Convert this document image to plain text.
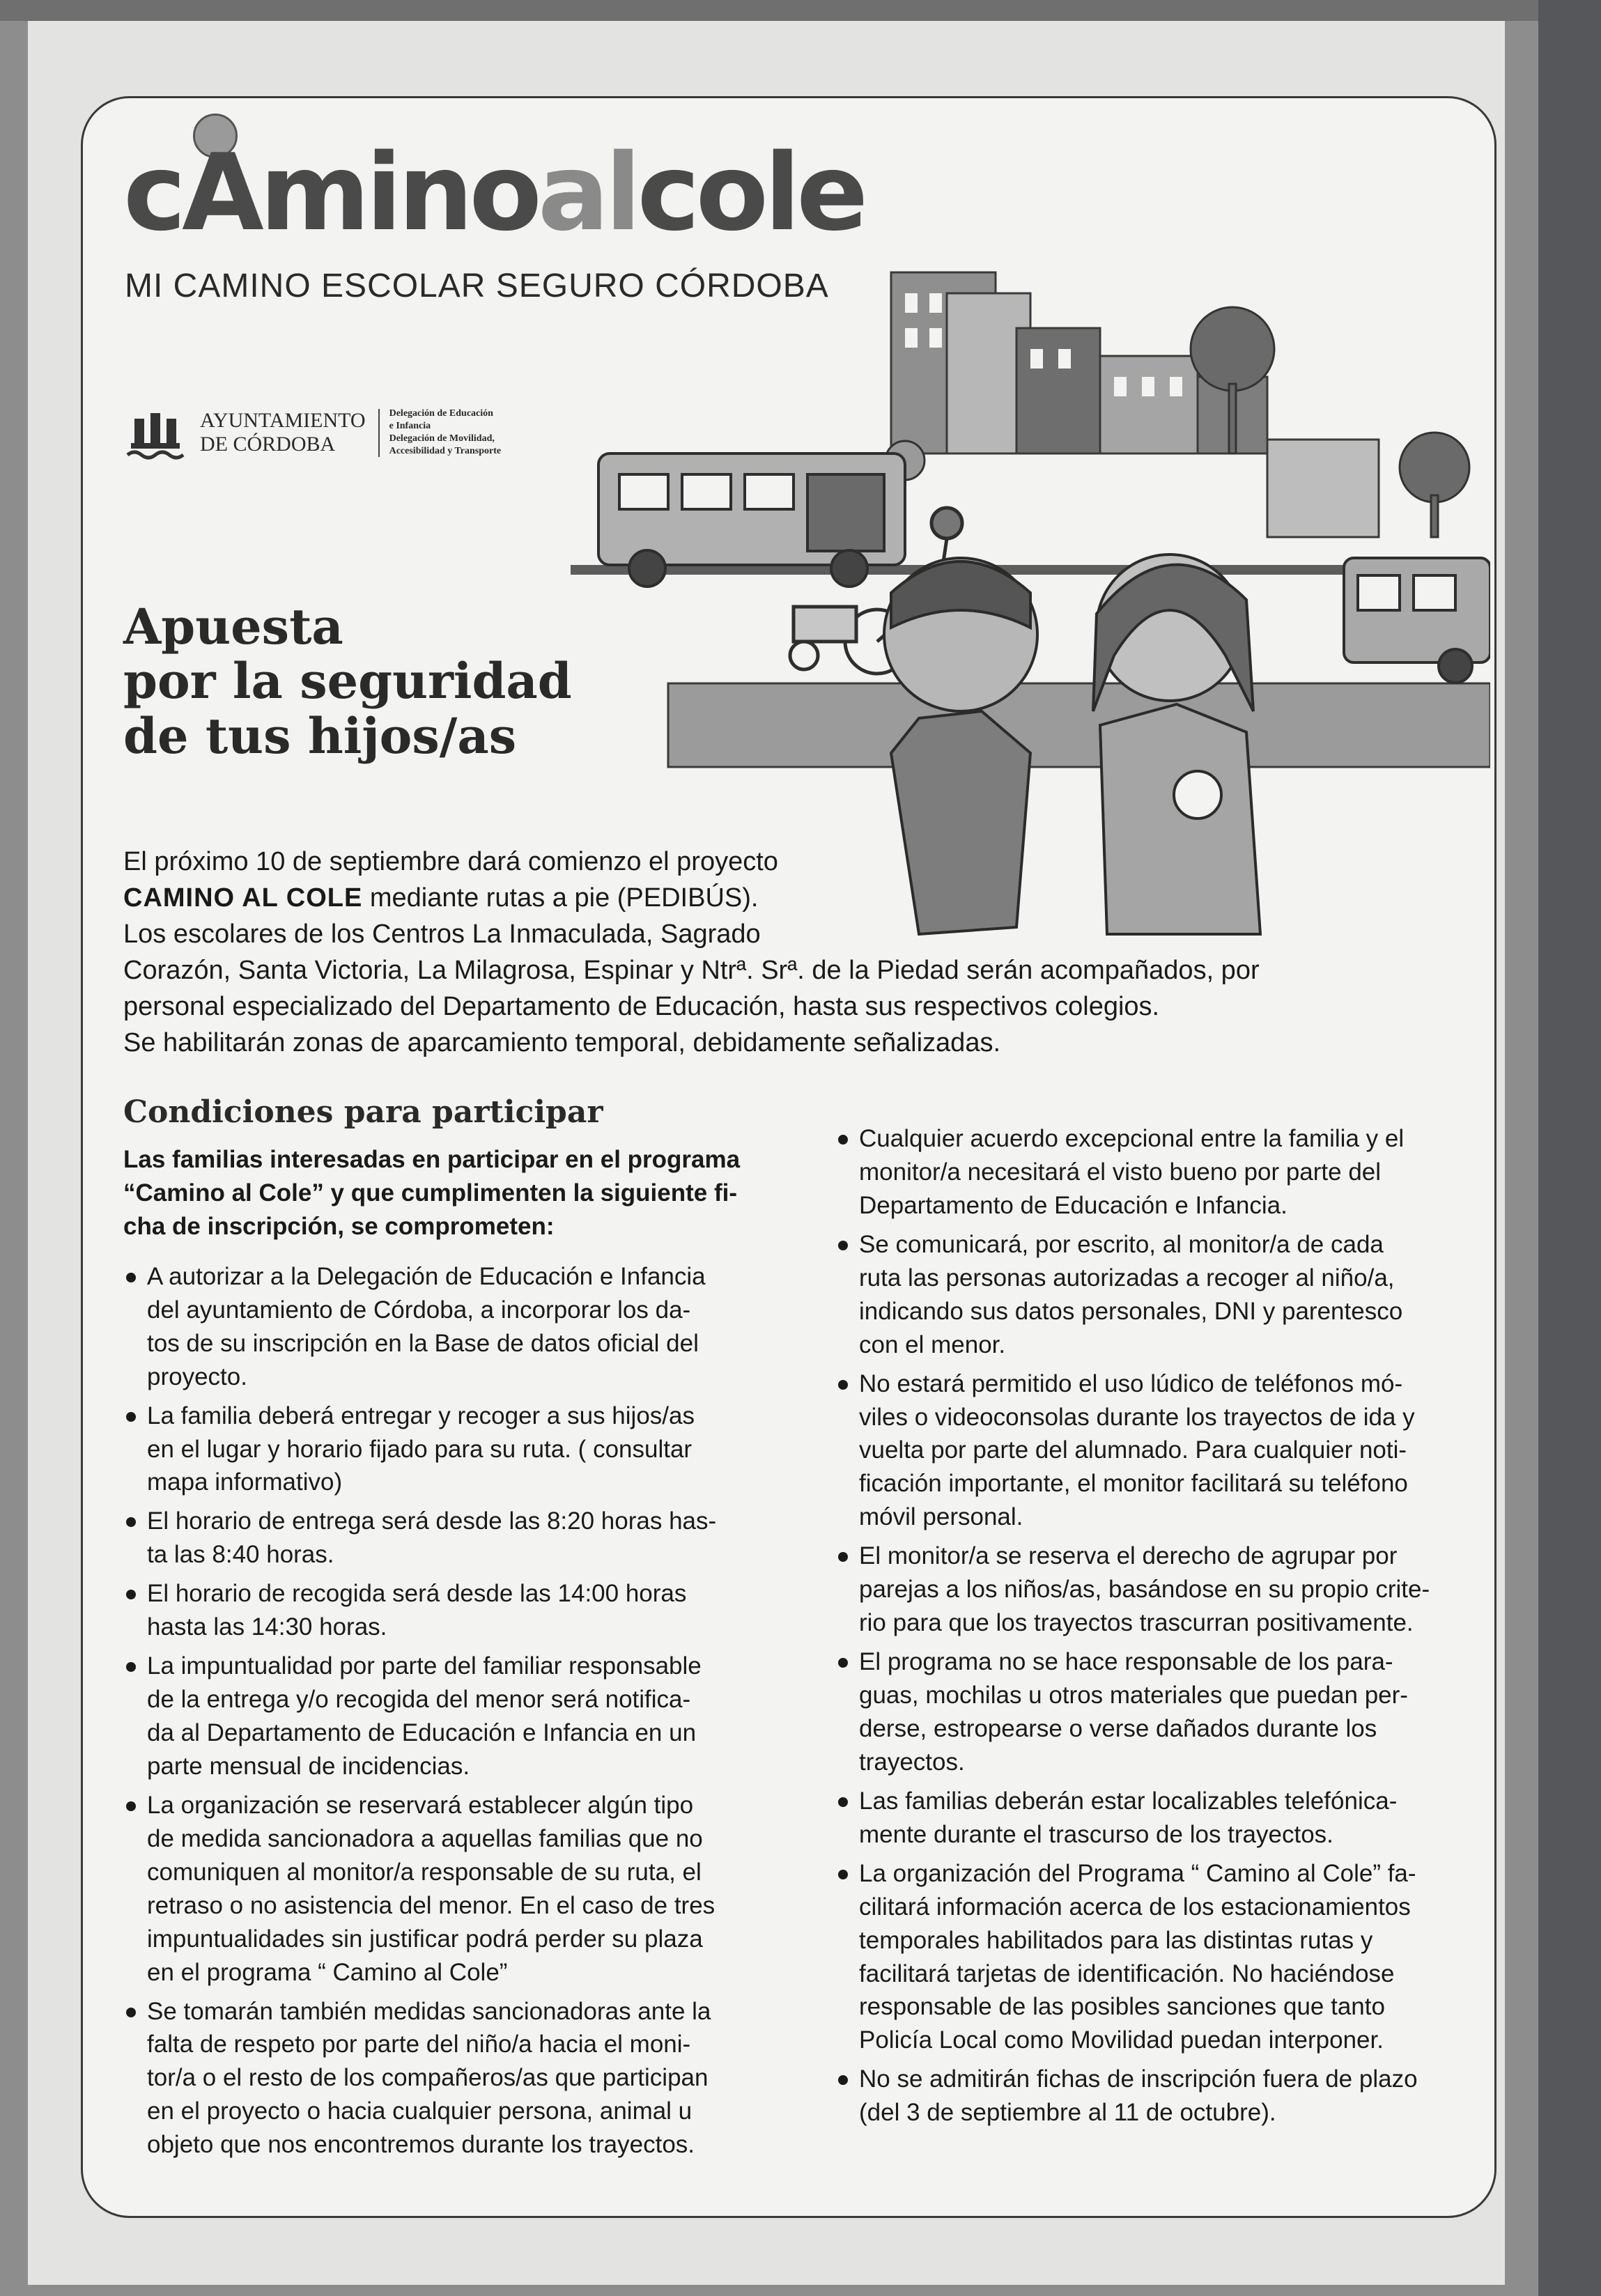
cAminoalcole
MI CAMINO ESCOLAR SEGURO CÓRDOBA
AYUNTAMIENTO
DE CÓRDOBA
Delegación de Educación
e Infancia
Delegación de Movilidad,
Accesibilidad y Transporte
Apuesta
por la seguridad
de tus hijos/as
El próximo 10 de septiembre dará comienzo el proyecto
CAMINO AL COLE mediante rutas a pie (PEDIBÚS).
Los escolares de los Centros La Inmaculada, Sagrado
Corazón, Santa Victoria, La Milagrosa, Espinar y Ntrª. Srª. de la Piedad serán acompañados, por
personal especializado del Departamento de Educación, hasta sus respectivos colegios.
Se habilitarán zonas de aparcamiento temporal, debidamente señalizadas.
Condiciones para participar
Las familias interesadas en participar en el programa
“Camino al Cole” y que cumplimenten la siguiente fi-
cha de inscripción, se comprometen:
A autorizar a la Delegación de Educación e Infancia
del ayuntamiento de Córdoba, a incorporar los da-
tos de su inscripción en la Base de datos oficial del
proyecto.
La familia deberá entregar y recoger a sus hijos/as
en el lugar y horario fijado para su ruta. ( consultar
mapa informativo)
El horario de entrega será desde las 8:20 horas has-
ta las 8:40 horas.
El horario de recogida será desde las 14:00 horas
hasta las 14:30 horas.
La impuntualidad por parte del familiar responsable
de la entrega y/o recogida del menor será notifica-
da al Departamento de Educación e Infancia en un
parte mensual de incidencias.
La organización se reservará establecer algún tipo
de medida sancionadora a aquellas familias que no
comuniquen al monitor/a responsable de su ruta, el
retraso o no asistencia del menor. En el caso de tres
impuntualidades sin justificar podrá perder su plaza
en el programa “ Camino al Cole”
Se tomarán también medidas sancionadoras ante la
falta de respeto por parte del niño/a hacia el moni-
tor/a o el resto de los compañeros/as que participan
en el proyecto o hacia cualquier persona, animal u
objeto que nos encontremos durante los trayectos.
Cualquier acuerdo excepcional entre la familia y el
monitor/a necesitará el visto bueno por parte del
Departamento de Educación e Infancia.
Se comunicará, por escrito, al monitor/a de cada
ruta las personas autorizadas a recoger al niño/a,
indicando sus datos personales, DNI y parentesco
con el menor.
No estará permitido el uso lúdico de teléfonos mó-
viles o videoconsolas durante los trayectos de ida y
vuelta por parte del alumnado. Para cualquier noti-
ficación importante, el monitor facilitará su teléfono
móvil personal.
El monitor/a se reserva el derecho de agrupar por
parejas a los niños/as, basándose en su propio crite-
rio para que los trayectos trascurran positivamente.
El programa no se hace responsable de los para-
guas, mochilas u otros materiales que puedan per-
derse, estropearse o verse dañados durante los
trayectos.
Las familias deberán estar localizables telefónica-
mente durante el trascurso de los trayectos.
La organización del Programa “ Camino al Cole” fa-
cilitará información acerca de los estacionamientos
temporales habilitados para las distintas rutas y
facilitará tarjetas de identificación. No haciéndose
responsable de las posibles sanciones que tanto
Policía Local como Movilidad puedan interponer.
No se admitirán fichas de inscripción fuera de plazo
(del 3 de septiembre al 11 de octubre).
